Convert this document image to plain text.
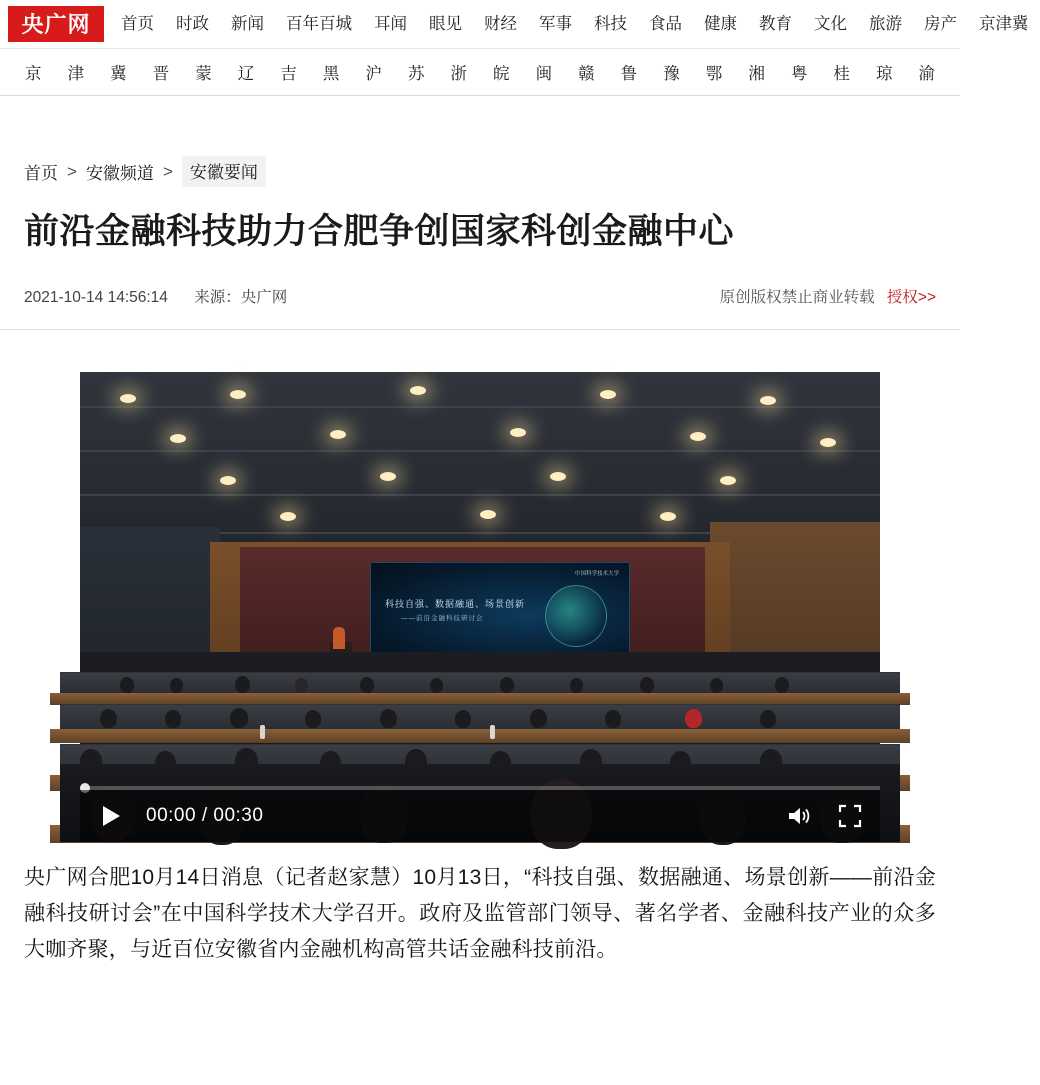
央广网	首页	时政	新闻	百年百城	耳闻	眼见	财经	军事	科技	食品	健康	教育	文化	旅游	房产	京津冀
京	津	冀	晋	蒙	辽	吉	黑	沪	苏	浙	皖	闽	赣	鲁	豫	鄂	湘	粤	桂	琼	渝
首页 > 安徽频道 >	安徽要闻
前沿金融科技助力合肥争创国家科创金融中心
2021-10-14 14:56:14 来源：央广网	原创版权禁止商业转载 授权>>
中国科学技术大学
科技自强、数据融通、场景创新
——前沿金融科技研讨会
00:00 / 00:30
央广网合肥10月14日消息（记者赵家慧）10月13日，“科技自强、数据融通、场景创新——前沿金融科技研讨会”在中国科学技术大学召开。政府及监管部门领导、著名学者、金融科技产业的众多大咖齐聚，与近百位安徽省内金融机构高管共话金融科技前沿。
